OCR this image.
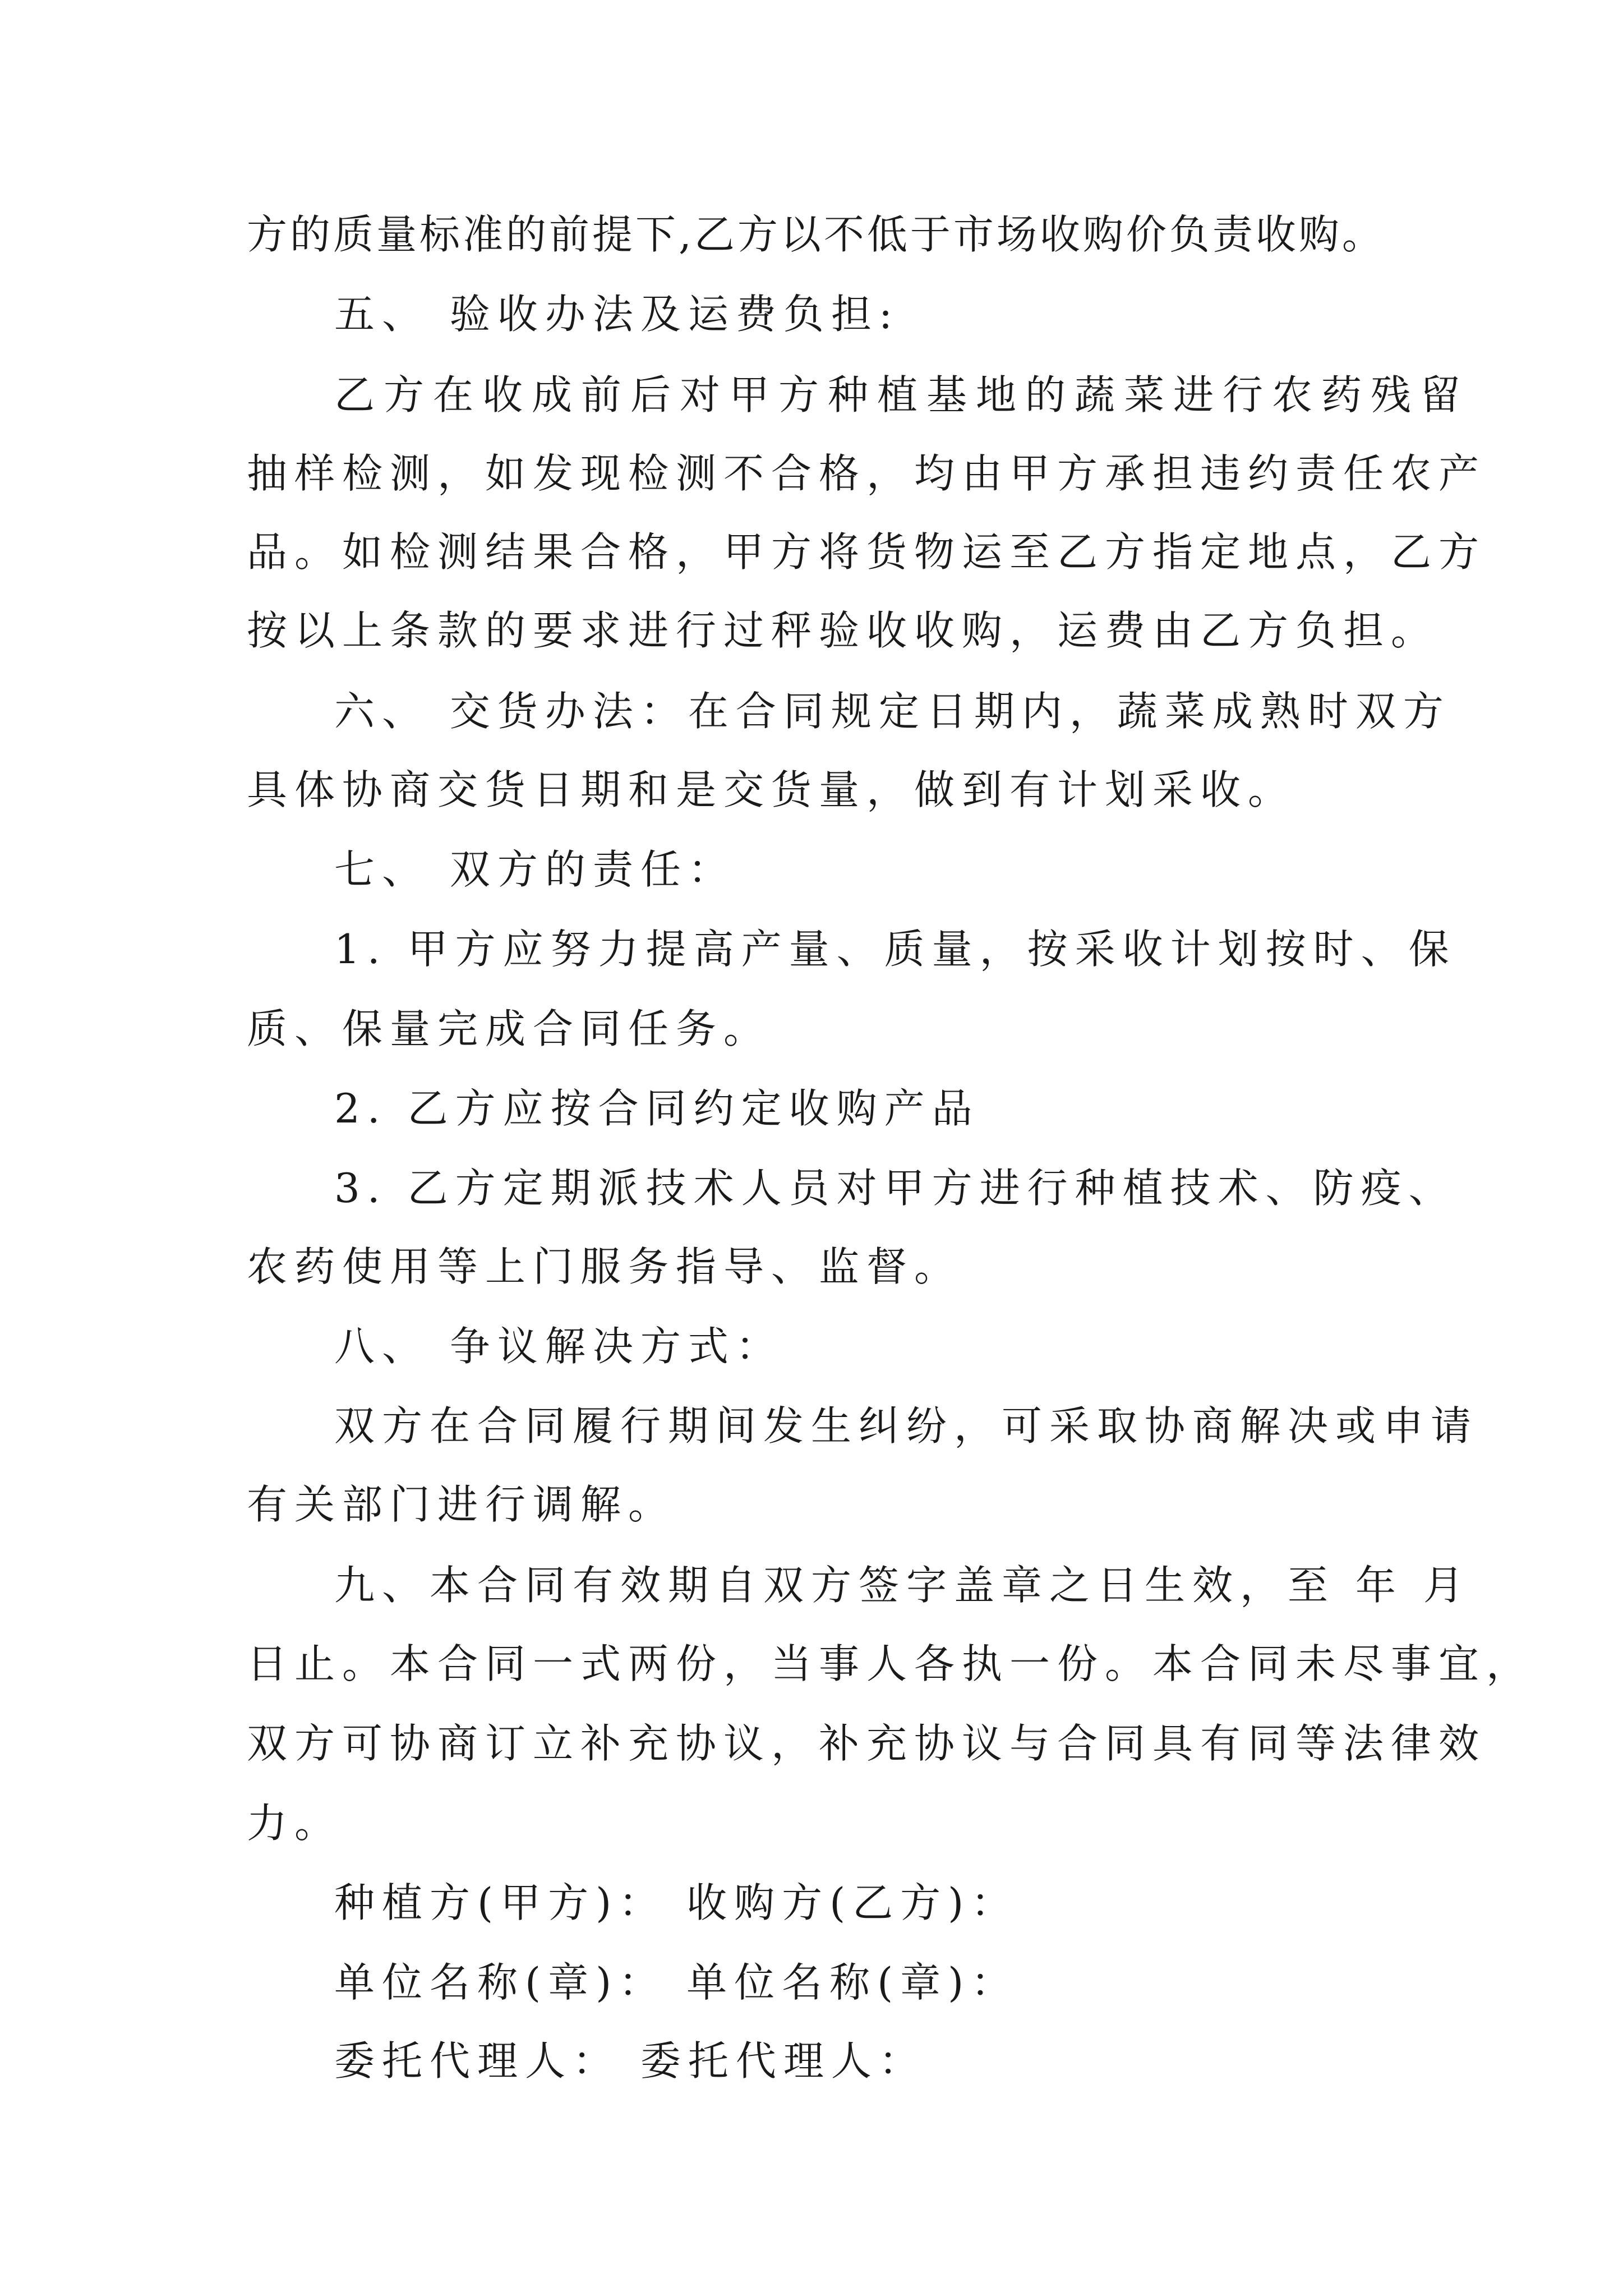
方的质量标准的前提下,乙方以不低于市场收购价负责收购。
五、 验收办法及运费负担:
乙方在收成前后对甲方种植基地的蔬菜进行农药残留
抽样检测，如发现检测不合格，均由甲方承担违约责任农产
品。如检测结果合格，甲方将货物运至乙方指定地点，乙方
按以上条款的要求进行过秤验收收购，运费由乙方负担。
六、 交货办法：在合同规定日期内，蔬菜成熟时双方
具体协商交货日期和是交货量，做到有计划采收。
七、 双方的责任：
1. 甲方应努力提高产量、质量，按采收计划按时、保
质、保量完成合同任务。
2. 乙方应按合同约定收购产品
3. 乙方定期派技术人员对甲方进行种植技术、防疫、
农药使用等上门服务指导、监督。
八、 争议解决方式：
双方在合同履行期间发生纠纷，可采取协商解决或申请
有关部门进行调解。
九、本合同有效期自双方签字盖章之日生效，至 年 月
日止。本合同一式两份，当事人各执一份。本合同未尽事宜，
双方可协商订立补充协议，补充协议与合同具有同等法律效
力。
种植方(甲方)： 收购方(乙方)：
单位名称(章)： 单位名称(章)：
委托代理人： 委托代理人：
